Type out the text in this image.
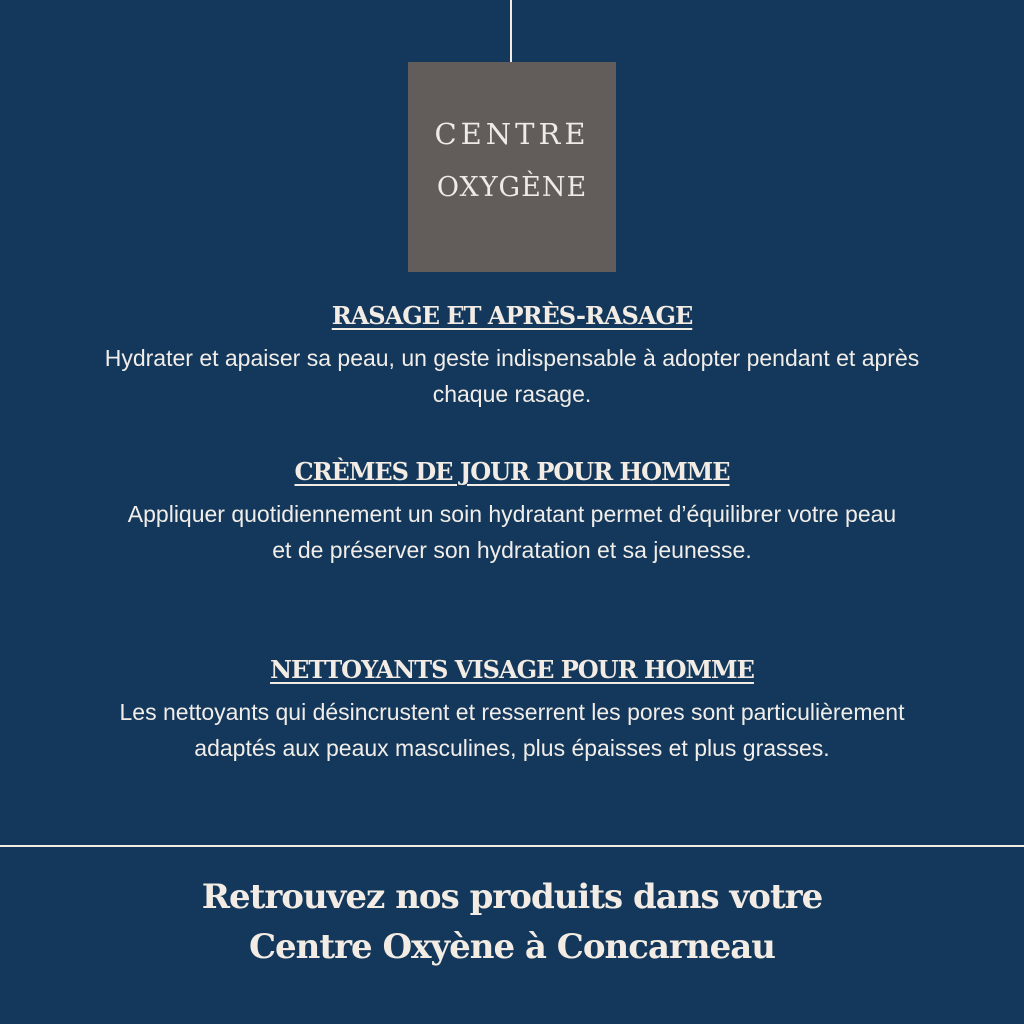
CENTRE
OXYGÈNE
RASAGE ET APRÈS-RASAGE
Hydrater et apaiser sa peau, un geste indispensable à adopter pendant et après chaque rasage.
CRÈMES DE JOUR POUR HOMME
Appliquer quotidiennement un soin hydratant permet d’équilibrer votre peau et de préserver son hydratation et sa jeunesse.
NETTOYANTS VISAGE POUR HOMME
Les nettoyants qui désincrustent et resserrent les pores sont particulièrement adaptés aux peaux masculines, plus épaisses et plus grasses.
Retrouvez nos produits dans votre
Centre Oxyène à Concarneau
